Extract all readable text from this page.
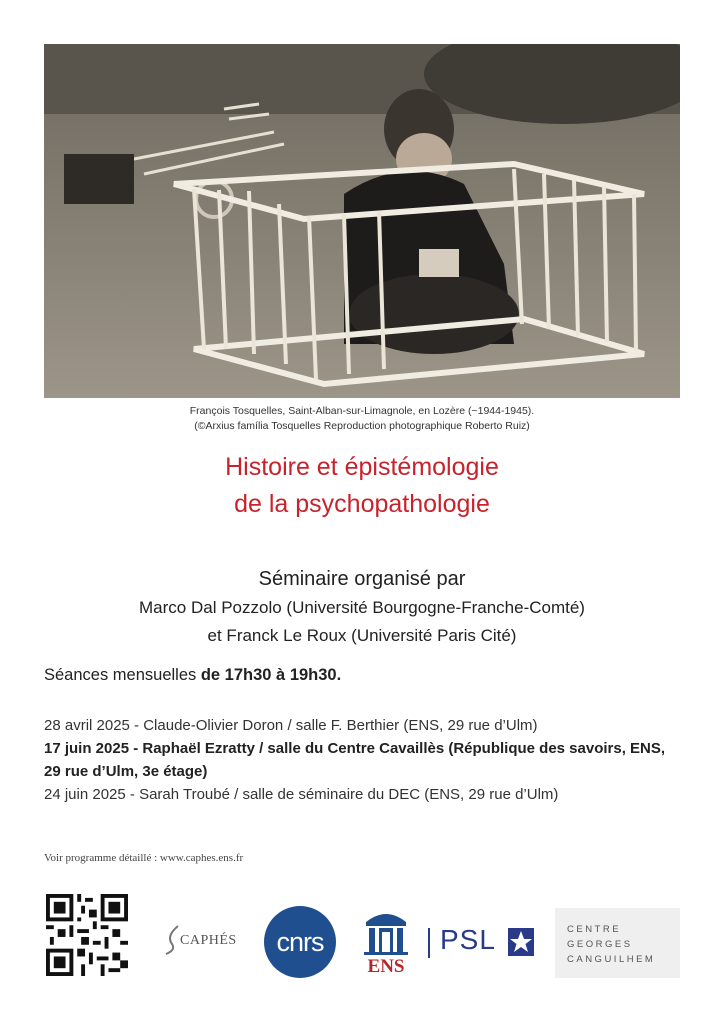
François Tosquelles, Saint-Alban-sur-Limagnole, en Lozère (~1944-1945).
(©Arxius família Tosquelles Reproduction photographique Roberto Ruiz)
Histoire et épistémologie
de la psychopathologie
Séminaire organisé par
Marco Dal Pozzolo (Université Bourgogne-Franche-Comté)
et Franck Le Roux (Université Paris Cité)
Séances mensuelles de 17h30 à 19h30.
28 avril 2025 - Claude-Olivier Doron / salle F. Berthier (ENS, 29 rue d’Ulm)
17 juin 2025 - Raphaël Ezratty / salle du Centre Cavaillès (République des savoirs, ENS, 29 rue d’Ulm, 3e étage)
24 juin 2025 - Sarah Troubé / salle de séminaire du DEC (ENS, 29 rue d’Ulm)
Voir programme détaillé : www.caphes.ens.fr
CAPHÉS cnrs
ENS
PSL	CENTRE
GEORGES
CANGUILHEM
